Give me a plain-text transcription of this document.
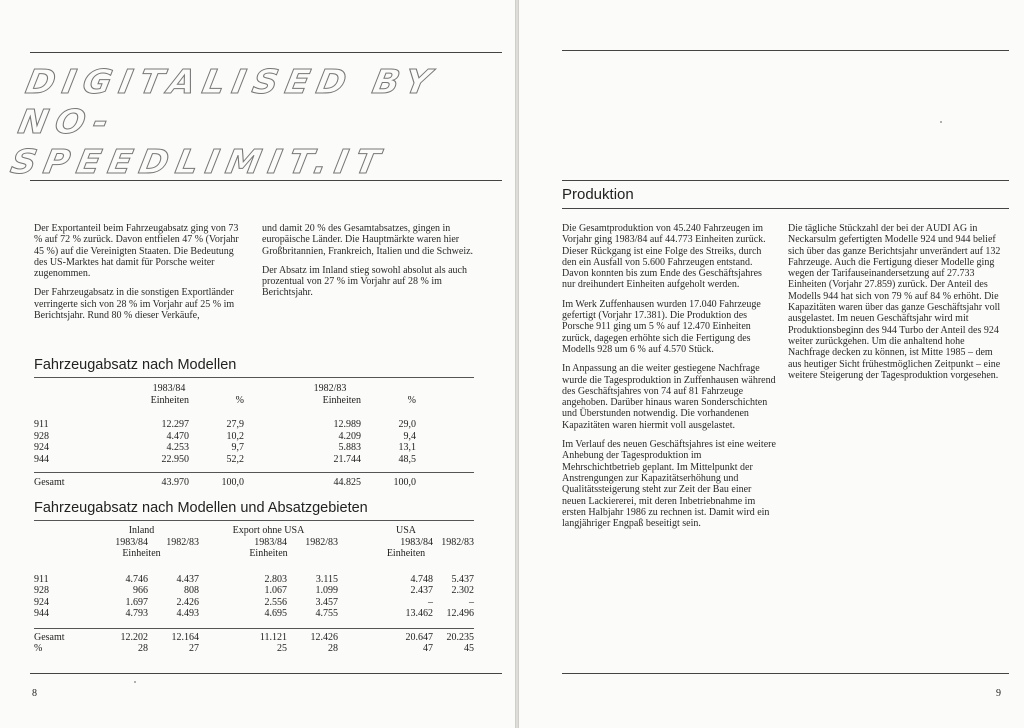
DIGITALISED BY
NO-SPEEDLIMIT.IT

Der Exportanteil beim Fahrzeugabsatz ging von 73 % auf 72 % zurück. Davon entfielen 47 % (Vorjahr 45 %) auf die Vereinigten Staaten. Die Bedeutung des US-Marktes hat damit für Porsche weiter zugenommen.

Der Fahrzeugabsatz in die sonstigen Exportländer verringerte sich von 28 % im Vorjahr auf 25 % im Berichtsjahr. Rund 80 % dieser Verkäufe,

und damit 20 % des Gesamtabsatzes, gingen in europäische Länder. Die Hauptmärkte waren hier Großbritannien, Frankreich, Italien und die Schweiz.

Der Absatz im Inland stieg sowohl absolut als auch prozentual von 27 % im Vorjahr auf 28 % im Berichtsjahr.

Fahrzeugabsatz nach Modellen
	1983/84		1982/83	
	Einheiten	%	Einheiten	%

911	12.297	27,9	12.989	29,0
928	4.470	10,2	4.209	9,4
924	4.253	9,7	5.883	13,1
944	22.950	52,2	21.744	48,5

Gesamt	43.970	100,0	44.825	100,0
Fahrzeugabsatz nach Modellen und Absatzgebieten
	Inland		Export ohne USA		USA	
	1983/84	1982/83	1983/84	1982/83	1983/84	1982/83
	Einheiten		Einheiten		Einheiten	

911	4.746	4.437	2.803	3.115	4.748	5.437
928	966	808	1.067	1.099	2.437	2.302
924	1.697	2.426	2.556	3.457	–	–
944	4.793	4.493	4.695	4.755	13.462	12.496

Gesamt	12.202	12.164	11.121	12.426	20.647	20.235
%	28	27	25	28	47	45
8
Produktion

Die Gesamtproduktion von 45.240 Fahrzeugen im Vorjahr ging 1983/84 auf 44.773 Einheiten zurück. Dieser Rückgang ist eine Folge des Streiks, durch den ein Ausfall von 5.600 Fahrzeugen entstand. Davon konnten bis zum Ende des Geschäftsjahres nur dreihundert Einheiten aufgeholt werden.

Im Werk Zuffenhausen wurden 17.040 Fahrzeuge gefertigt (Vorjahr 17.381). Die Produktion des Porsche 911 ging um 5 % auf 12.470 Einheiten zurück, dagegen erhöhte sich die Fertigung des Modells 928 um 6 % auf 4.570 Stück.

In Anpassung an die weiter gestiegene Nachfrage wurde die Tagesproduktion in Zuffenhausen während des Geschäftsjahres von 74 auf 81 Fahrzeuge angehoben. Darüber hinaus waren Sonderschichten und Überstunden notwendig. Die vorhandenen Kapazitäten waren hiermit voll ausgelastet.

Im Verlauf des neuen Geschäftsjahres ist eine weitere Anhebung der Tagesproduktion im Mehrschichtbetrieb geplant. Im Mittelpunkt der Anstrengungen zur Kapazitätserhöhung und Qualitätssteigerung steht zur Zeit der Bau einer neuen Lackiererei, mit deren Inbetriebnahme im ersten Halbjahr 1986 zu rechnen ist. Damit wird ein langjähriger Engpaß beseitigt sein.

Die tägliche Stückzahl der bei der AUDI AG in Neckarsulm gefertigten Modelle 924 und 944 belief sich über das ganze Berichtsjahr unverändert auf 132 Fahrzeuge. Auch die Fertigung dieser Modelle ging wegen der Tarifauseinandersetzung auf 27.733 Einheiten (Vorjahr 27.859) zurück. Der Anteil des Modells 944 hat sich von 79 % auf 84 % erhöht. Die Kapazitäten waren über das ganze Geschäftsjahr voll ausgelastet. Im neuen Geschäftsjahr wird mit Produktionsbeginn des 944 Turbo der Anteil des 924 weiter zurückgehen. Um die anhaltend hohe Nachfrage decken zu können, ist Mitte 1985 – dem aus heutiger Sicht frühestmöglichen Zeitpunkt – eine weitere Steigerung der Tagesproduktion vorgesehen.

9
